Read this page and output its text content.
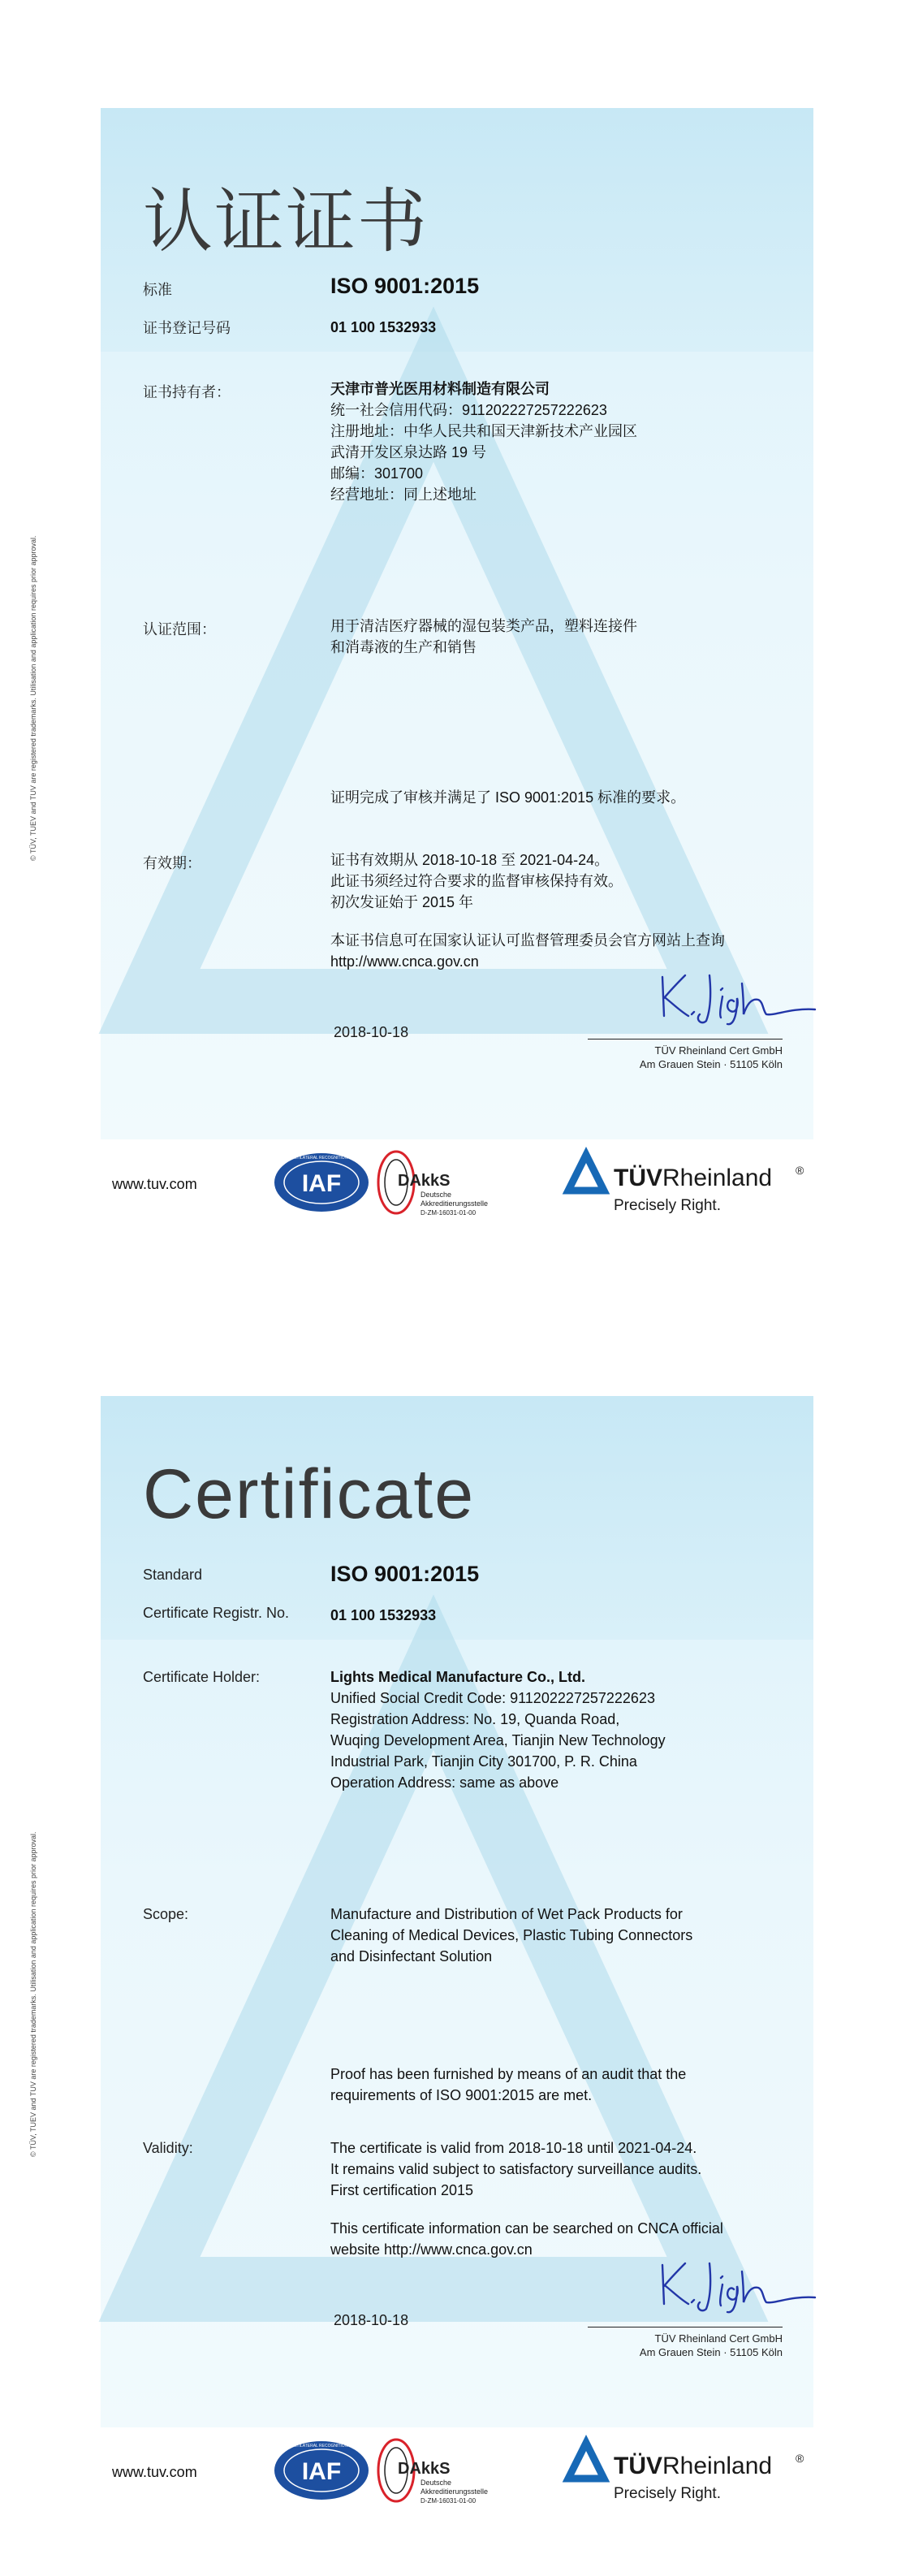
认证证书
标准	ISO 9001:2015
证书登记号码	01 100 1532933
证书持有者：	天津市普光医用材料制造有限公司
统一社会信用代码：911202227257222623
注册地址：中华人民共和国天津新技术产业园区
武清开发区泉达路 19 号
邮编：301700
经营地址：同上述地址
认证范围：	用于清洁医疗器械的湿包装类产品，塑料连接件
和消毒液的生产和销售
证明完成了审核并满足了 ISO 9001:2015 标准的要求。
有效期：	证书有效期从 2018-10-18 至 2021-04-24。
此证书须经过符合要求的监督审核保持有效。
初次发证始于 2015 年
本证书信息可在国家认证认可监督管理委员会官方网站上查询
http://www.cnca.gov.cn
2018-10-18
TÜV Rheinland Cert GmbH
Am Grauen Stein · 51105 Köln
© TÜV, TUEV and TUV are registered trademarks. Utilisation and application requires prior approval.
www.tuv.com	IAF
MEMBER OF MULTILATERAL RECOGNITION ARRANGEMENT
DAkkS
Deutsche
Akkreditierungsstelle
D-ZM-16031-01-00
TÜVRheinland ®
Precisely Right.
Certificate
Standard	ISO 9001:2015
Certificate Registr. No.	01 100 1532933
Certificate Holder:	Lights Medical Manufacture Co., Ltd.
Unified Social Credit Code: 911202227257222623
Registration Address: No. 19, Quanda Road,
Wuqing Development Area, Tianjin New Technology
Industrial Park, Tianjin City 301700, P. R. China
Operation Address: same as above
Scope:	Manufacture and Distribution of Wet Pack Products for
Cleaning of Medical Devices, Plastic Tubing Connectors
and Disinfectant Solution
Proof has been furnished by means of an audit that the
requirements of ISO 9001:2015 are met.
Validity:	The certificate is valid from 2018-10-18 until 2021-04-24.
It remains valid subject to satisfactory surveillance audits.
First certification 2015
This certificate information can be searched on CNCA official
website http://www.cnca.gov.cn
2018-10-18
TÜV Rheinland Cert GmbH
Am Grauen Stein · 51105 Köln
© TÜV, TUEV and TUV are registered trademarks. Utilisation and application requires prior approval.
www.tuv.com	IAF
MEMBER OF MULTILATERAL RECOGNITION ARRANGEMENT
DAkkS
Deutsche
Akkreditierungsstelle
D-ZM-16031-01-00
TÜVRheinland ®
Precisely Right.
